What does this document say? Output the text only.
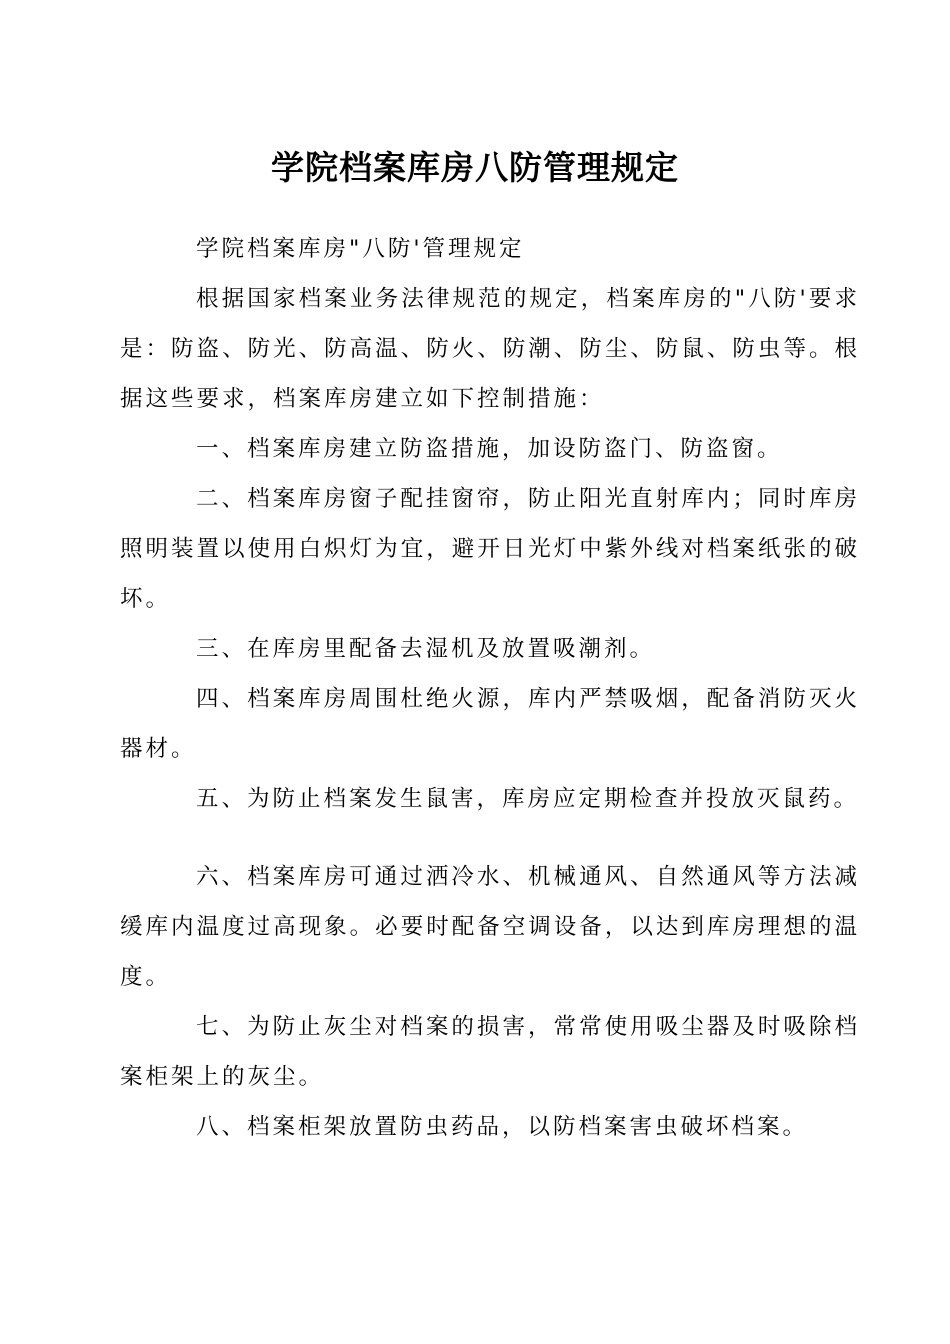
学院档案库房八防管理规定

学院档案库房"八防'管理规定

根据国家档案业务法律规范的规定，档案库房的"八防'要求是：防盗、防光、防高温、防火、防潮、防尘、防鼠、防虫等。根据这些要求，档案库房建立如下控制措施：

一、档案库房建立防盗措施，加设防盗门、防盗窗。

二、档案库房窗子配挂窗帘，防止阳光直射库内；同时库房照明装置以使用白炽灯为宜，避开日光灯中紫外线对档案纸张的破坏。

三、在库房里配备去湿机及放置吸潮剂。

四、档案库房周围杜绝火源，库内严禁吸烟，配备消防灭火器材。

五、为防止档案发生鼠害，库房应定期检查并投放灭鼠药。

六、档案库房可通过洒冷水、机械通风、自然通风等方法减缓库内温度过高现象。必要时配备空调设备，以达到库房理想的温度。

七、为防止灰尘对档案的损害，常常使用吸尘器及时吸除档案柜架上的灰尘。

八、档案柜架放置防虫药品，以防档案害虫破坏档案。
